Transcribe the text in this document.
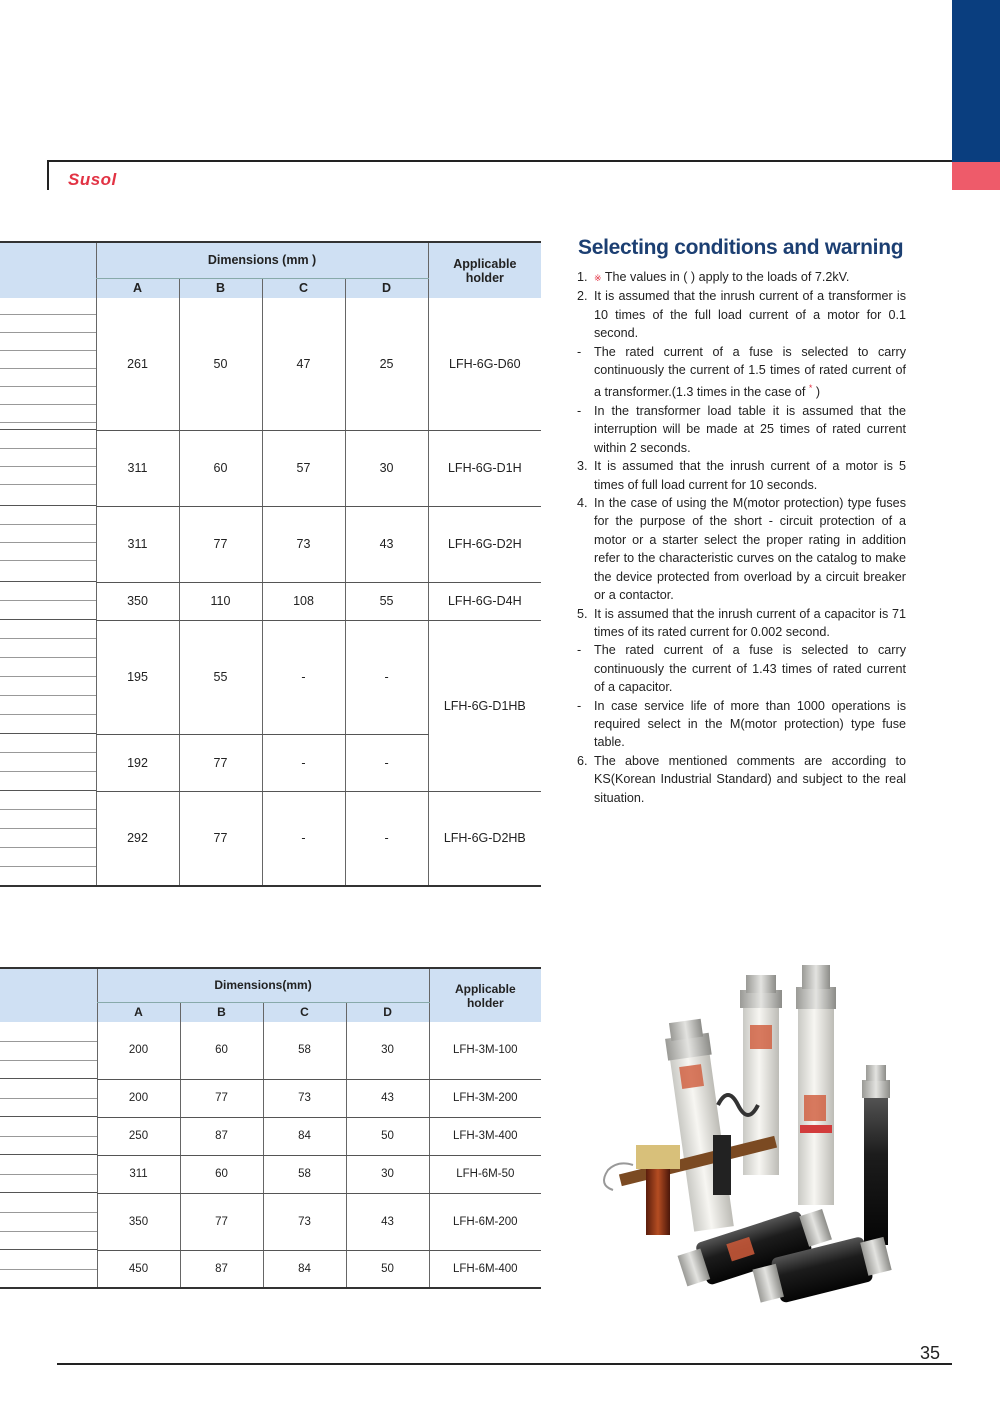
Susol
	Dimensions (mm )				Applicable
holder

	A	B	C	D	

	261	50	47	25	LFH-6G-D60

	311	60	57	30	LFH-6G-D1H

	311	77	73	43	LFH-6G-D2H

	350	110	108	55	LFH-6G-D4H

	195	55	-	-	LFH-6G-D1HB

	192	77	-	-	

	292	77	-	-	LFH-6G-D2HB
Selecting conditions and warning
1. ※ The values in ( ) apply to the loads of 7.2kV.
2. It is assumed that the inrush current of a transformer is 10 times of the full load current of a motor for 0.1 second.
- The rated current of a fuse is selected to carry continuously the current of 1.5 times of rated current of a transformer.(1.3 times in the case of * )
- In the transformer load table it is assumed that the interruption will be made at 25 times of rated current within 2 seconds.
3. It is assumed that the inrush current of a motor is 5 times of full load current for 10 seconds.
4. In the case of using the M(motor protection) type fuses for the purpose of the short - circuit protection of a motor or a starter select the proper rating in addition refer to the characteristic curves on the catalog to make the device protected from overload by a circuit breaker or a contactor.
5. It is assumed that the inrush current of a capacitor is 71 times of its rated current for 0.002 second.
- The rated current of a fuse is selected to carry continuously the current of 1.43 times of rated current of a capacitor.
- In case service life of more than 1000 operations is required select in the M(motor protection) type fuse table.
6. The above mentioned comments are according to KS(Korean Industrial Standard) and subject to the real situation.
	Dimensions(mm)				Applicable
holder

	A	B	C	D	

	200	60	58	30	LFH-3M-100

	200	77	73	43	LFH-3M-200

	250	87	84	50	LFH-3M-400

	311	60	58	30	LFH-6M-50

	350	77	73	43	LFH-6M-200

	450	87	84	50	LFH-6M-400
35
